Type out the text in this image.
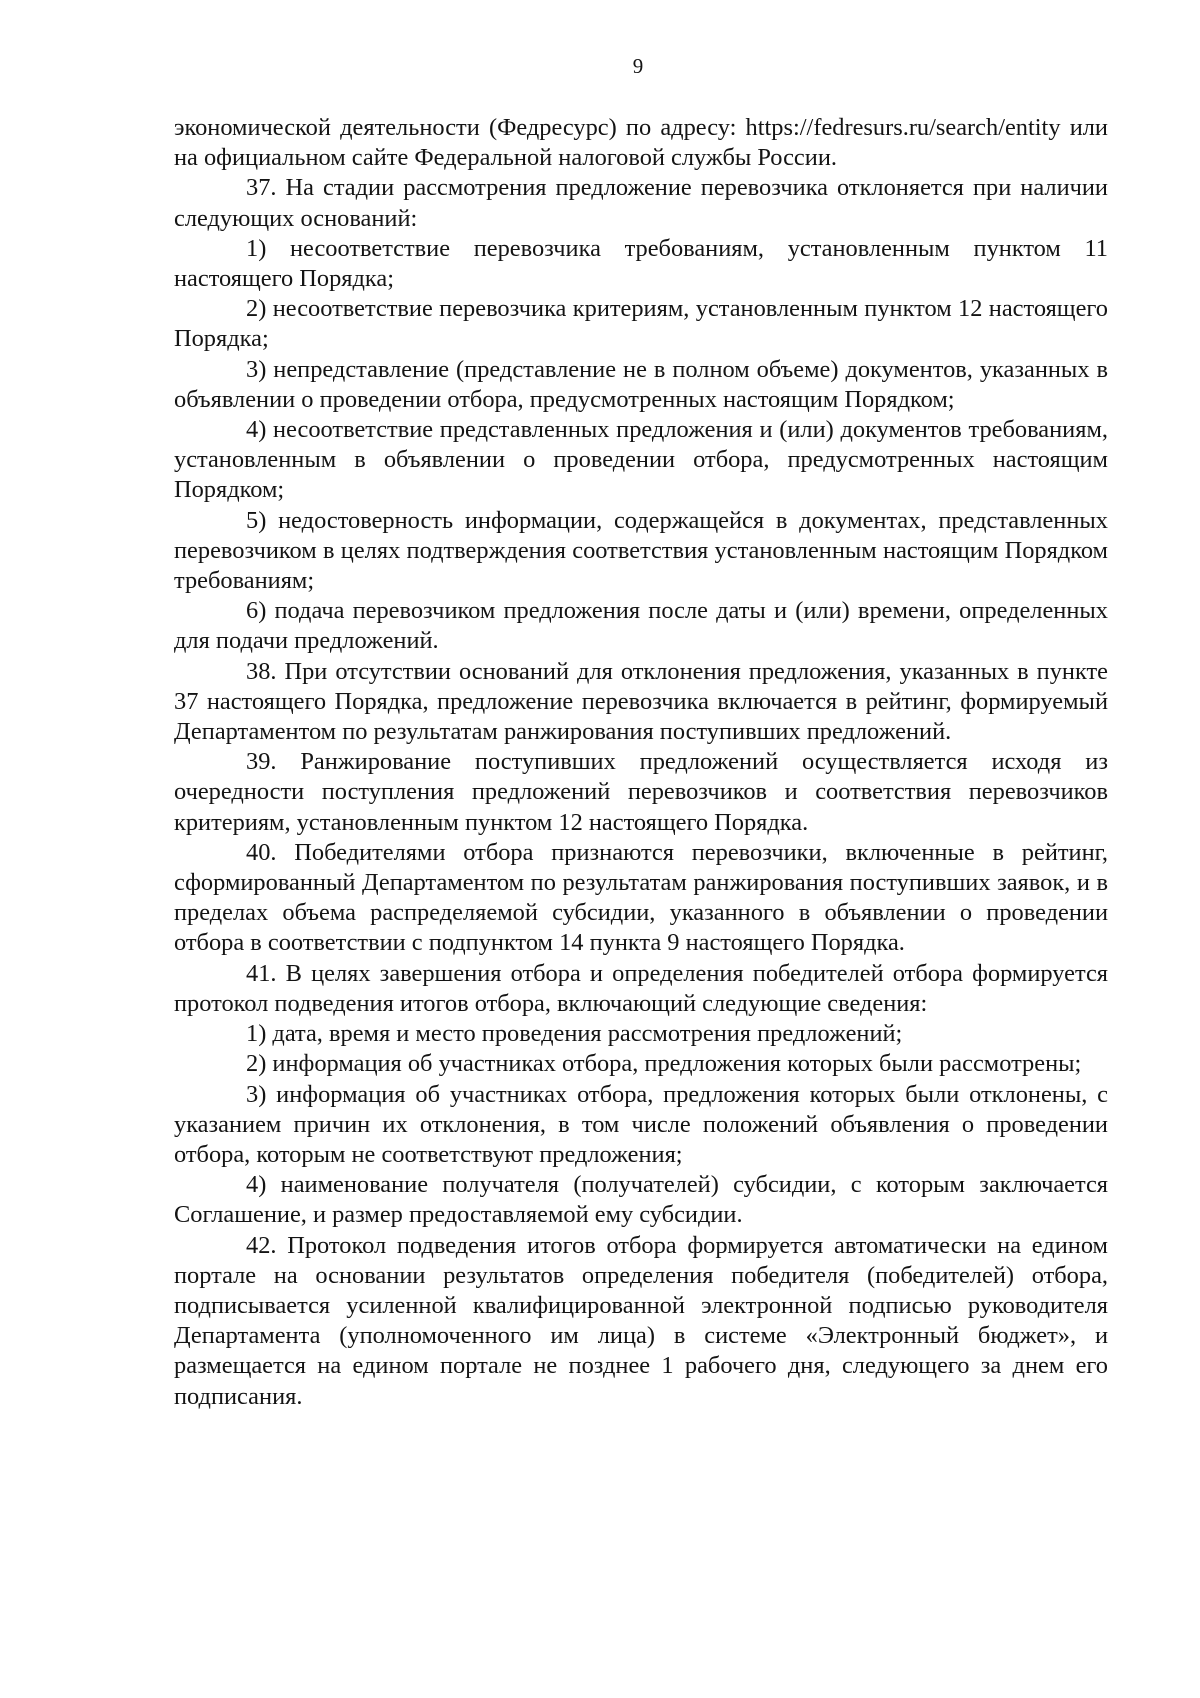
9

экономической деятельности (Федресурс) по адресу: https://fedresurs.ru/search/entity или на официальном сайте Федеральной налоговой службы России.

37. На стадии рассмотрения предложение перевозчика отклоняется при наличии следующих оснований:

1) несоответствие перевозчика требованиям, установленным пунктом 11 настоящего Порядка;

2) несоответствие перевозчика критериям, установленным пунктом 12 настоящего Порядка;

3) непредставление (представление не в полном объеме) документов, указанных в объявлении о проведении отбора, предусмотренных настоящим Порядком;

4) несоответствие представленных предложения и (или) документов требованиям, установленным в объявлении о проведении отбора, предусмотренных настоящим Порядком;

5) недостоверность информации, содержащейся в документах, представленных перевозчиком в целях подтверждения соответствия установленным настоящим Порядком требованиям;

6) подача перевозчиком предложения после даты и (или) времени, определенных для подачи предложений.

38. При отсутствии оснований для отклонения предложения, указанных в пункте 37 настоящего Порядка, предложение перевозчика включается в рейтинг, формируемый Департаментом по результатам ранжирования поступивших предложений.

39. Ранжирование поступивших предложений осуществляется исходя из очередности поступления предложений перевозчиков и соответствия перевозчиков критериям, установленным пунктом 12 настоящего Порядка.

40. Победителями отбора признаются перевозчики, включенные в рейтинг, сформированный Департаментом по результатам ранжирования поступивших заявок, и в пределах объема распределяемой субсидии, указанного в объявлении о проведении отбора в соответствии с подпунктом 14 пункта 9 настоящего Порядка.

41. В целях завершения отбора и определения победителей отбора формируется протокол подведения итогов отбора, включающий следующие сведения:

1) дата, время и место проведения рассмотрения предложений;

2) информация об участниках отбора, предложения которых были рассмотрены;

3) информация об участниках отбора, предложения которых были отклонены, с указанием причин их отклонения, в том числе положений объявления о проведении отбора, которым не соответствуют предложения;

4) наименование получателя (получателей) субсидии, с которым заключается Соглашение, и размер предоставляемой ему субсидии.

42. Протокол подведения итогов отбора формируется автоматически на едином портале на основании результатов определения победителя (победителей) отбора, подписывается усиленной квалифицированной электронной подписью руководителя Департамента (уполномоченного им лица) в системе «Электронный бюджет», и размещается на едином портале не позднее 1 рабочего дня, следующего за днем его подписания.
